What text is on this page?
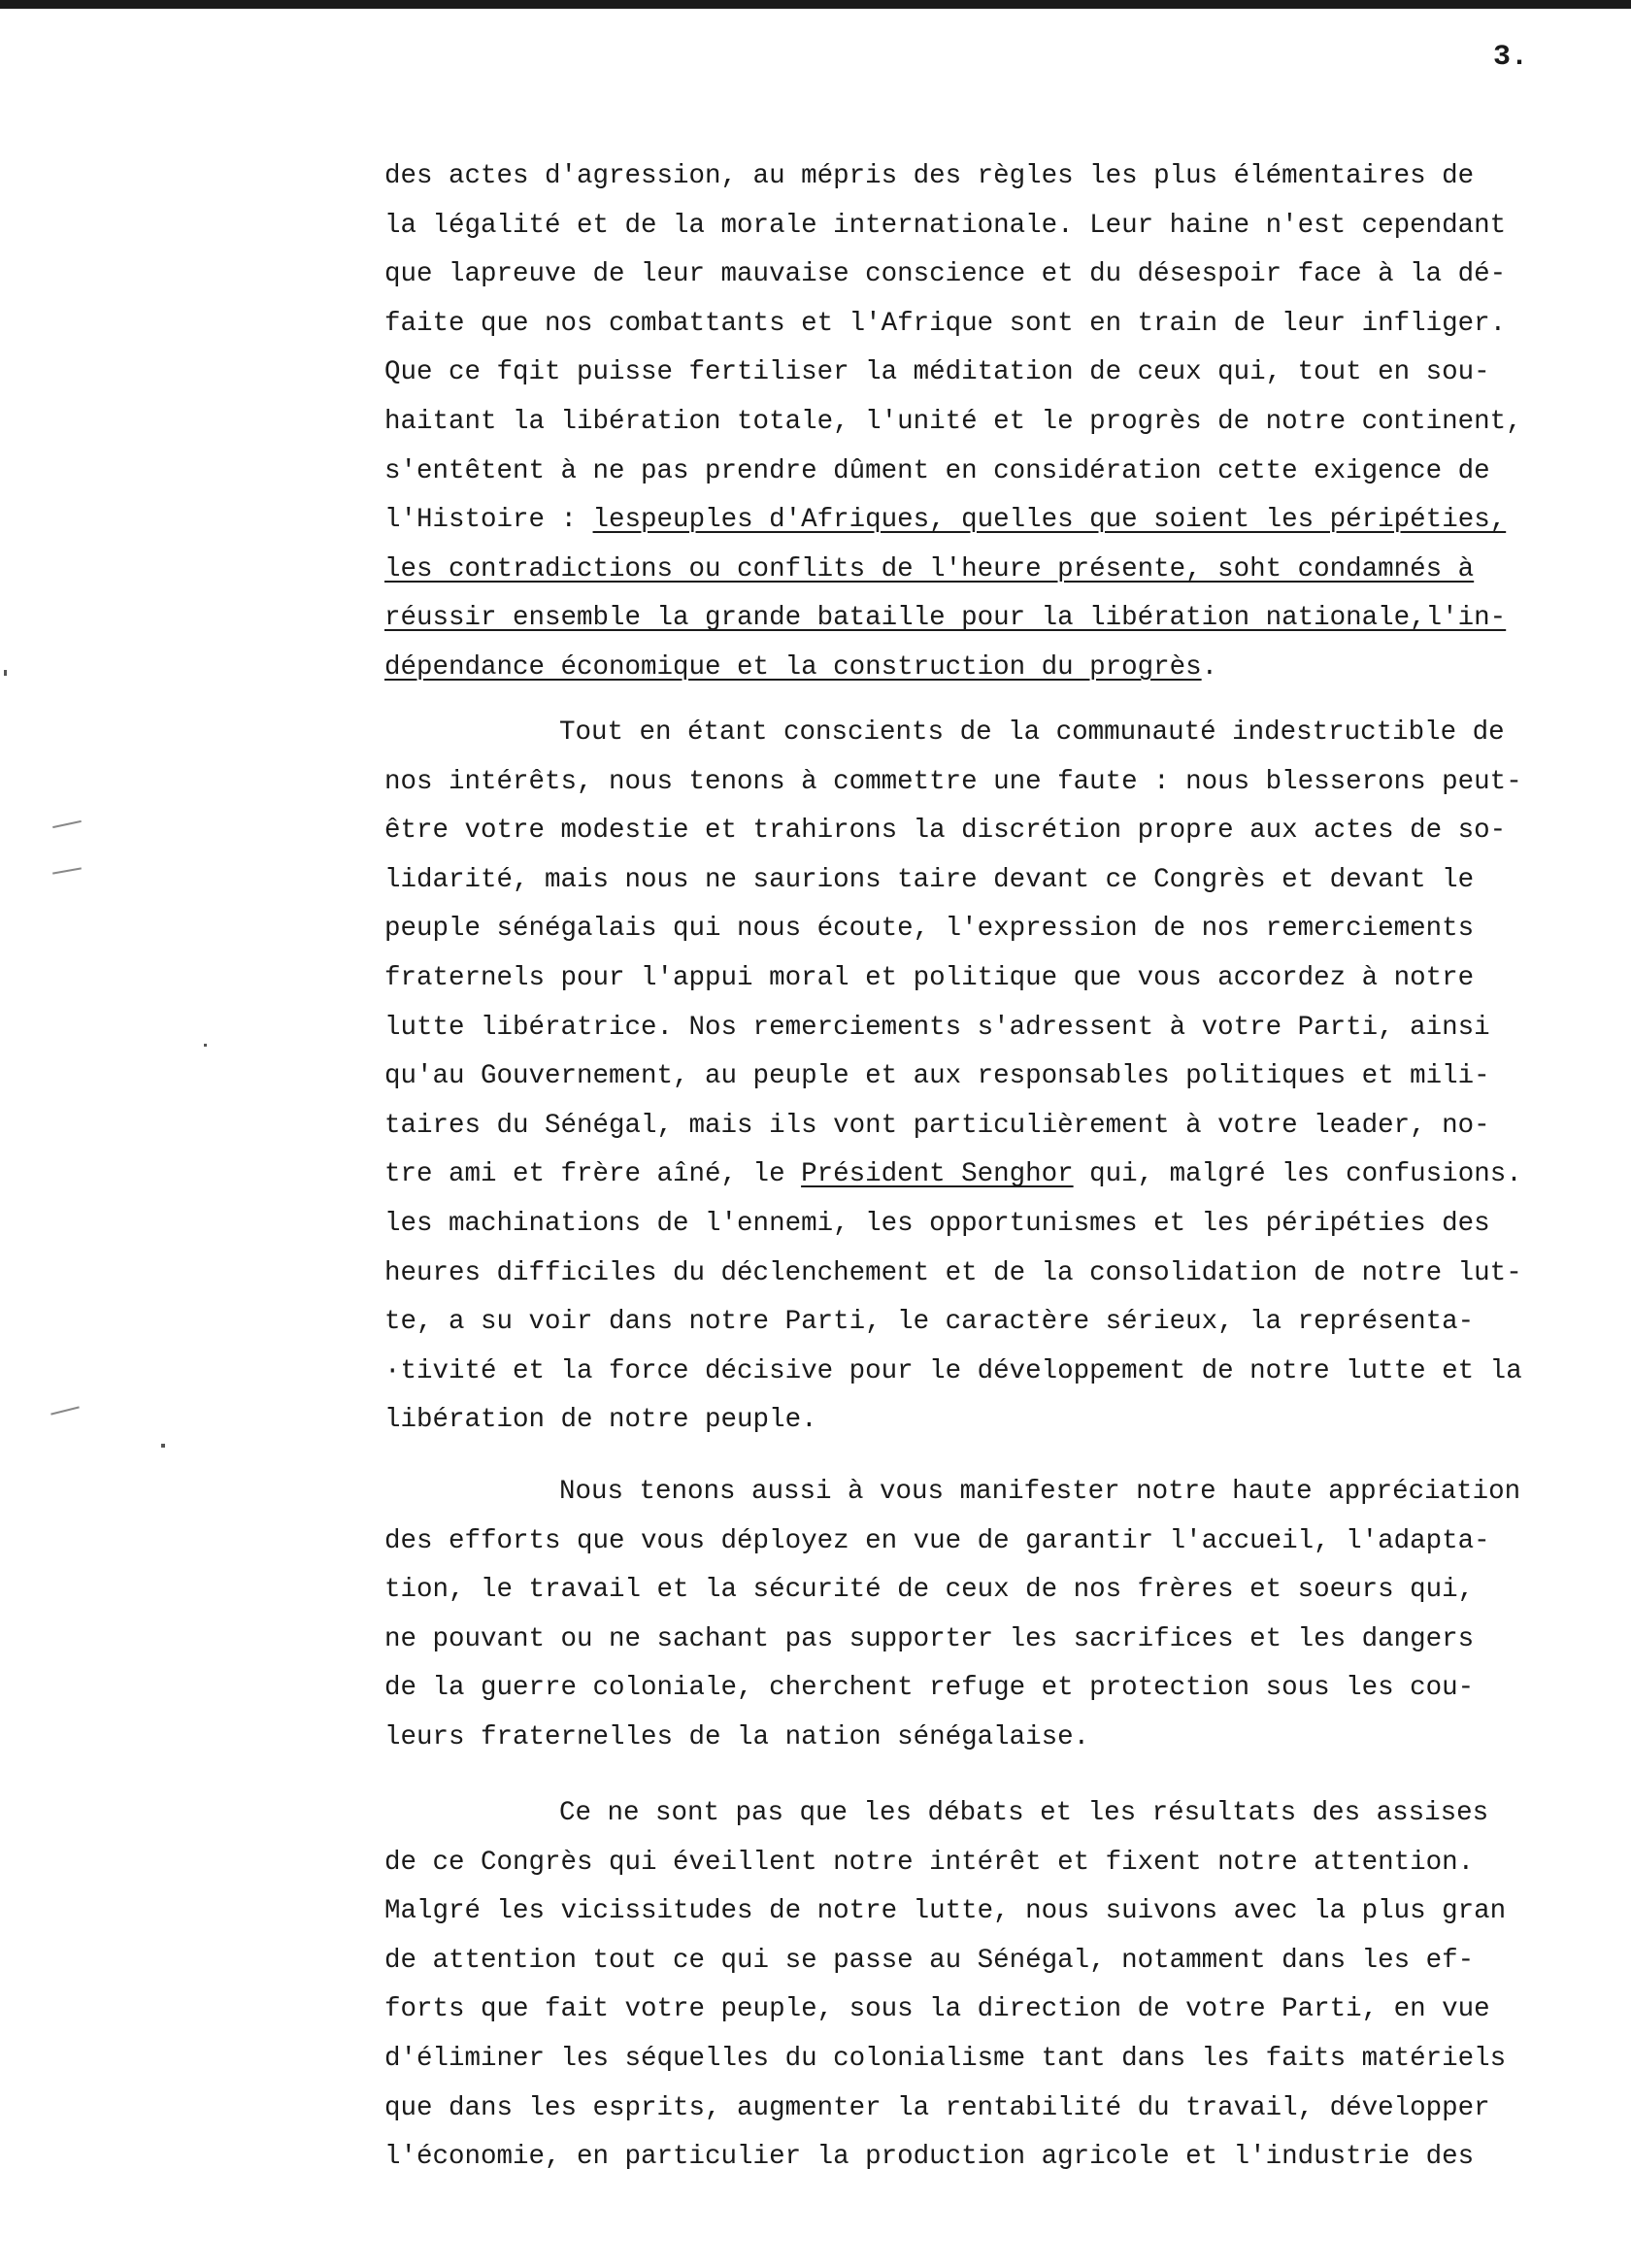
3.
des actes d'agression, au mépris des règles les plus élémentaires de
la légalité et de la morale internationale. Leur haine n'est cependant
que lapreuve de leur mauvaise conscience et du désespoir face à la dé-
faite que nos combattants et l'Afrique sont en train de leur infliger.
Que ce fqit puisse fertiliser la méditation de ceux qui, tout en sou-
haitant la libération totale, l'unité et le progrès de notre continent,
s'entêtent à ne pas prendre dûment en considération cette exigence de
l'Histoire : lespeuples d'Afriques, quelles que soient les péripéties,
les contradictions ou conflits de l'heure présente, soht condamnés à
réussir ensemble la grande bataille pour la libération nationale,l'in-
dépendance économique et la construction du progrès.
Tout en étant conscients de la communauté indestructible de
nos intérêts, nous tenons à commettre une faute : nous blesserons peut-
être votre modestie et trahirons la discrétion propre aux actes de so-
lidarité, mais nous ne saurions taire devant ce Congrès et devant le
peuple sénégalais qui nous écoute, l'expression de nos remerciements
fraternels pour l'appui moral et politique que vous accordez à notre
lutte libératrice. Nos remerciements s'adressent à votre Parti, ainsi
qu'au Gouvernement, au peuple et aux responsables politiques et mili-
taires du Sénégal, mais ils vont particulièrement à votre leader, no-
tre ami et frère aîné, le Président Senghor qui, malgré les confusions.
les machinations de l'ennemi, les opportunismes et les péripéties des
heures difficiles du déclenchement et de la consolidation de notre lut-
te, a su voir dans notre Parti, le caractère sérieux, la représenta-
·tivité et la force décisive pour le développement de notre lutte et la
libération de notre peuple.
Nous tenons aussi à vous manifester notre haute appréciation
des efforts que vous déployez en vue de garantir l'accueil, l'adapta-
tion, le travail et la sécurité de ceux de nos frères et soeurs qui,
ne pouvant ou ne sachant pas supporter les sacrifices et les dangers
de la guerre coloniale, cherchent refuge et protection sous les cou-
leurs fraternelles de la nation sénégalaise.
Ce ne sont pas que les débats et les résultats des assises
de ce Congrès qui éveillent notre intérêt et fixent notre attention.
Malgré les vicissitudes de notre lutte, nous suivons avec la plus gran
de attention tout ce qui se passe au Sénégal, notamment dans les ef-
forts que fait votre peuple, sous la direction de votre Parti, en vue
d'éliminer les séquelles du colonialisme tant dans les faits matériels
que dans les esprits, augmenter la rentabilité du travail, développer
l'économie, en particulier la production agricole et l'industrie des
